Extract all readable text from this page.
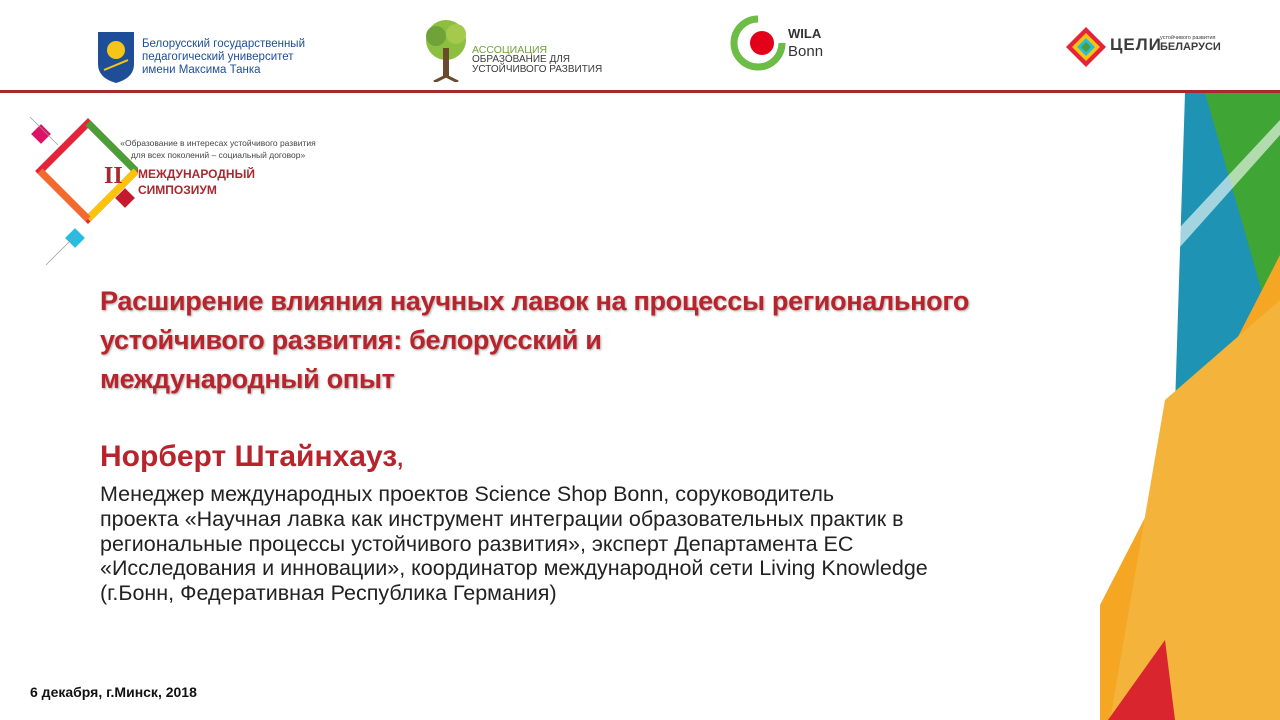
Белорусский государственный
педагогический университет
имени Максима Танка
АССОЦИАЦИЯ
ОБРАЗОВАНИЕ ДЛЯ
УСТОЙЧИВОГО РАЗВИТИЯ
WILA
Bonn	ЦЕЛИ
устойчивого развития
БЕЛАРУСИ
«Образование в интересах устойчивого развития
для всех поколений – социальный договор»
II МЕЖДУНАРОДНЫЙ
СИМПОЗИУМ
Расширение влияния научных лавок на процессы регионального
устойчивого развития: белорусский и
международный опыт
Норберт Штайнхауз,
Менеджер международных проектов Science Shop Bonn, соруководитель
проекта «Научная лавка как инструмент интеграции образовательных практик в
региональные процессы устойчивого развития», эксперт Департамента ЕС
«Исследования и инновации», координатор международной сети Living Knowledge
(г.Бонн, Федеративная Республика Германия)
6 декабря, г.Минск, 2018
